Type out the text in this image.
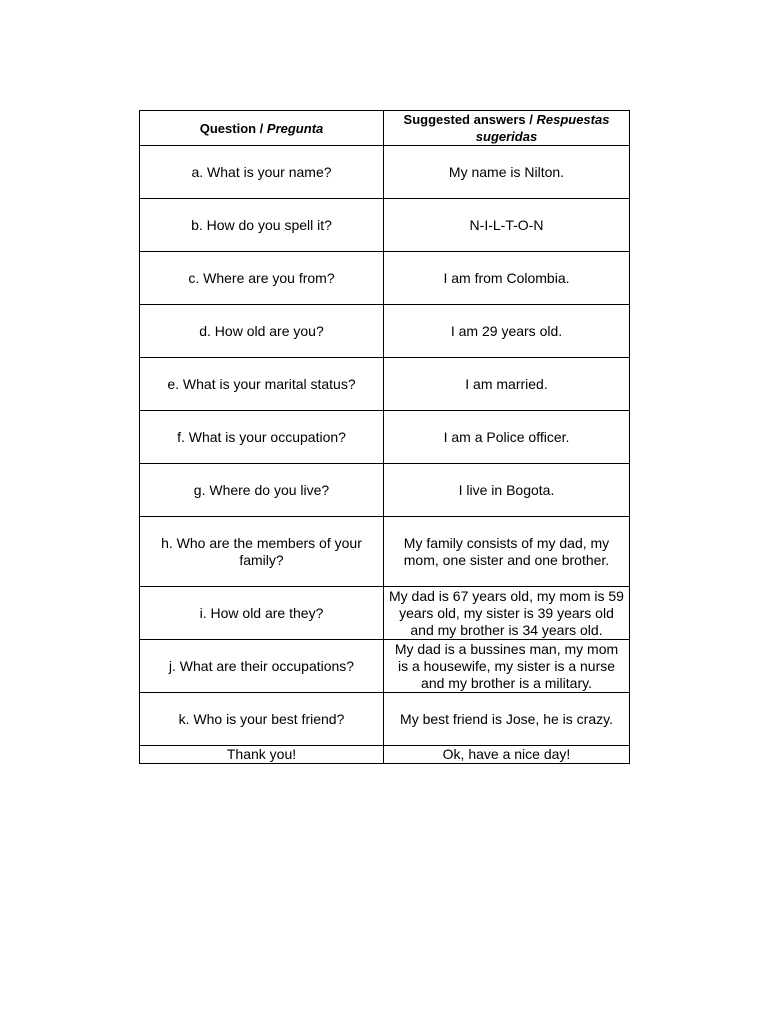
Question / Pregunta	Suggested answers / Respuestas sugeridas
a. What is your name?	My name is Nilton.
b. How do you spell it?	N-I-L-T-O-N
c. Where are you from?	I am from Colombia.
d. How old are you?	I am 29 years old.
e. What is your marital status?	I am married.
f. What is your occupation?	I am a Police officer.
g. Where do you live?	I live in Bogota.
h. Who are the members of your family?	My family consists of my dad, my mom, one sister and one brother.
i. How old are they?	My dad is 67 years old, my mom is 59 years old, my sister is 39 years old and my brother is 34 years old.
j. What are their occupations?	My dad is a bussines man, my mom is a housewife, my sister is a nurse and my brother is a military.
k. Who is your best friend?	My best friend is Jose, he is crazy.
Thank you!	Ok, have a nice day!
